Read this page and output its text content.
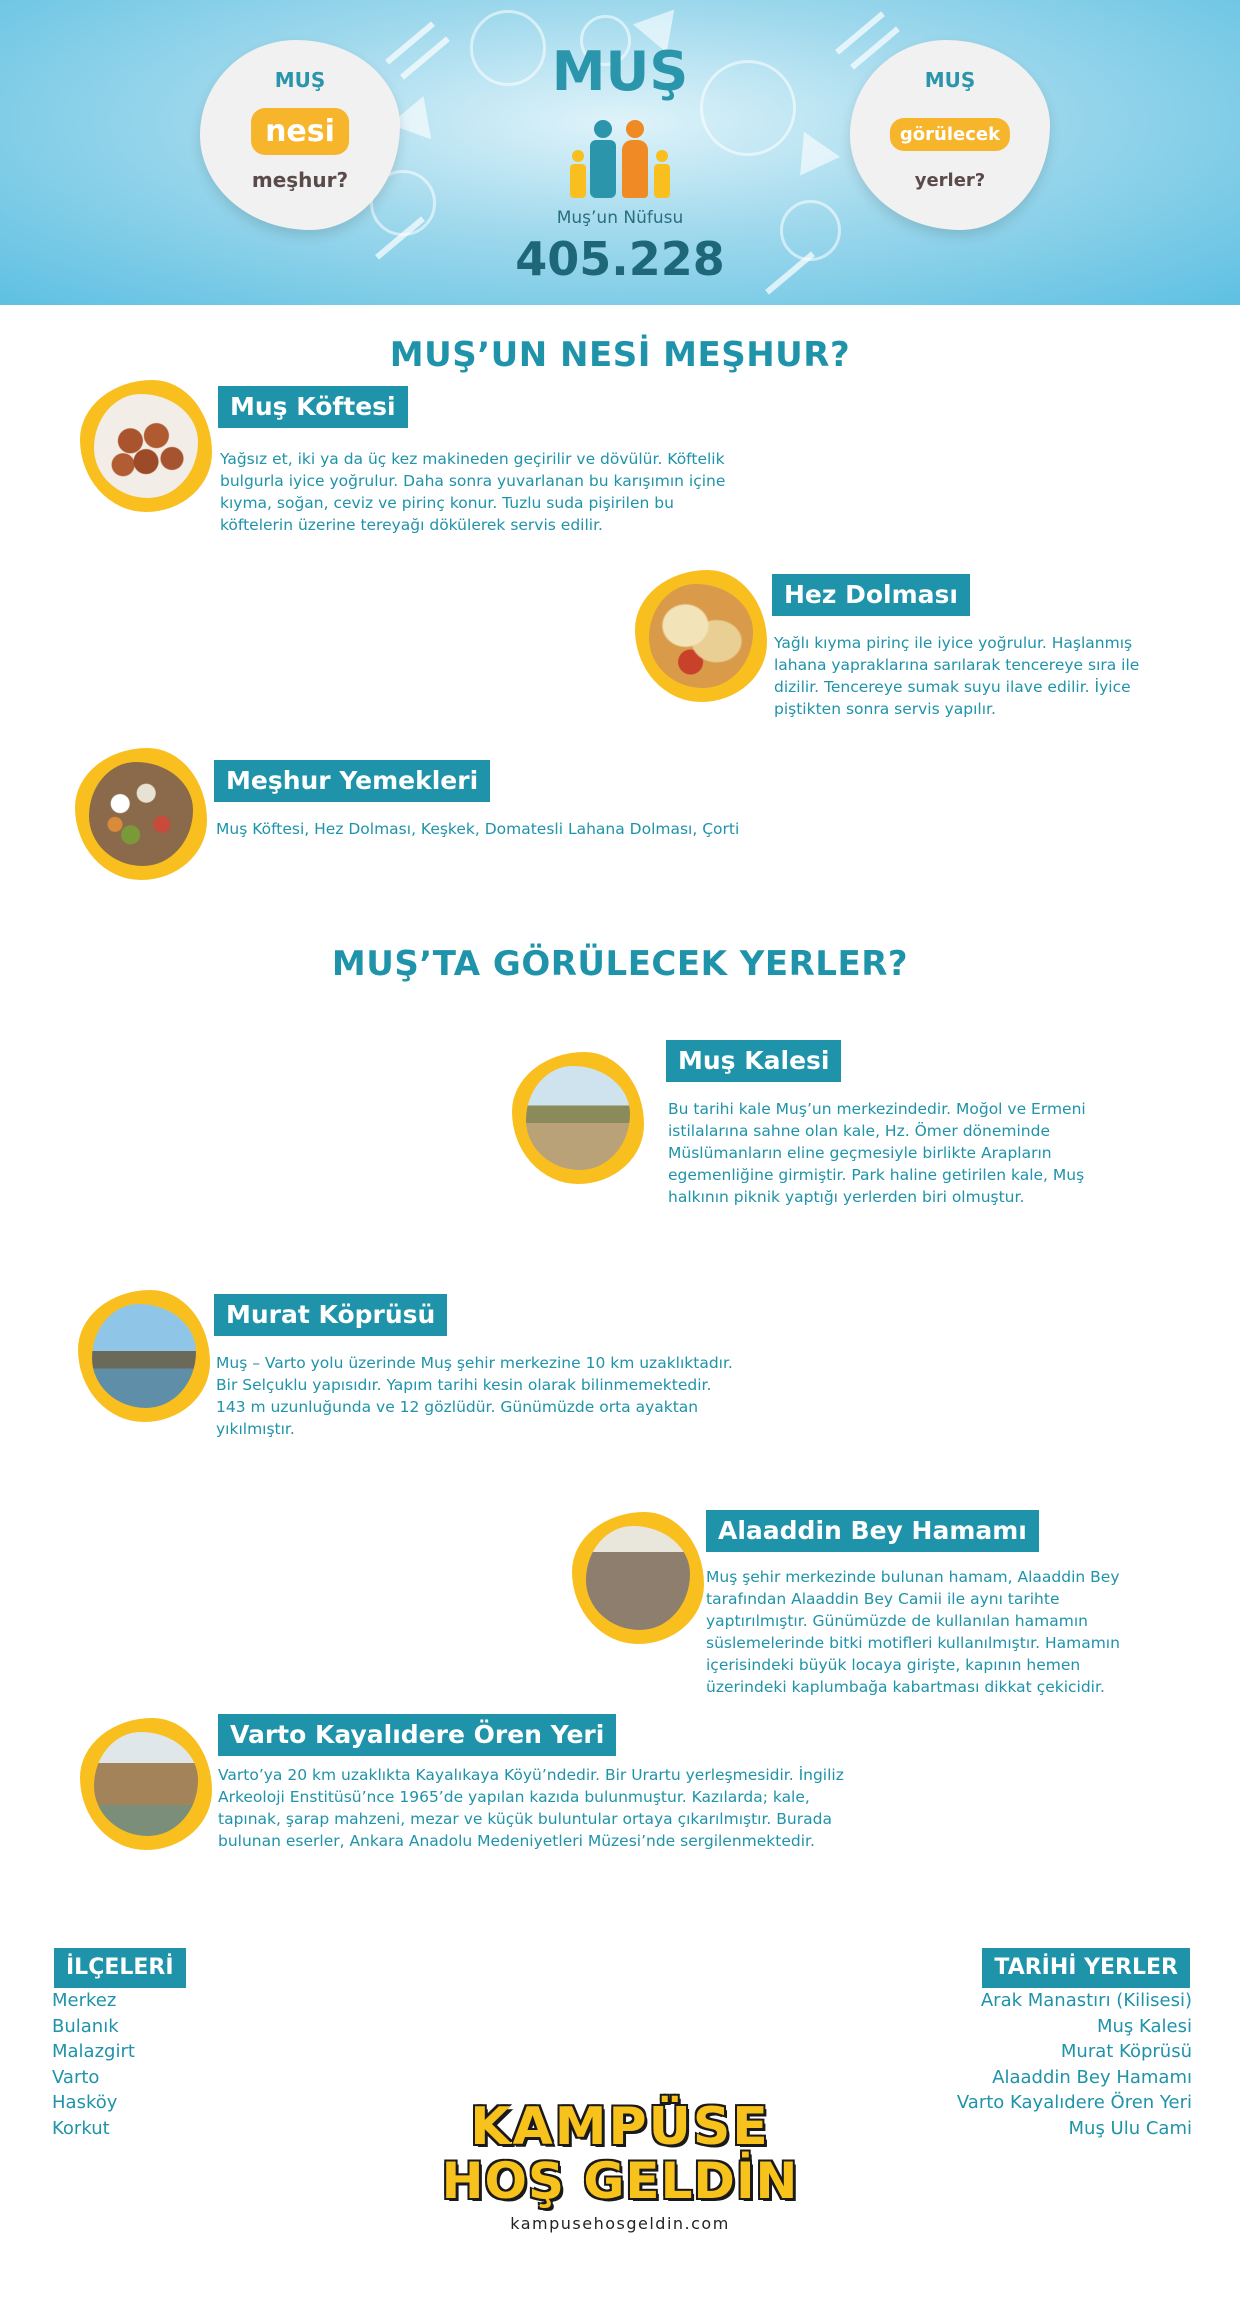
MUŞ
nesi
meşhur?
MUŞ
Muş’un Nüfusu
405.228
MUŞ
görülecek
yerler?
MUŞ’UN NESİ MEŞHUR?
Muş Köftesi
Yağsız et, iki ya da üç kez makineden geçirilir ve dövülür. Köftelik bulgurla iyice yoğrulur. Daha sonra yuvarlanan bu karışımın içine kıyma, soğan, ceviz ve pirinç konur. Tuzlu suda pişirilen bu köftelerin üzerine tereyağı dökülerek servis edilir.
Hez Dolması
Yağlı kıyma pirinç ile iyice yoğrulur. Haşlanmış lahana yapraklarına sarılarak tencereye sıra ile dizilir. Tencereye sumak suyu ilave edilir. İyice piştikten sonra servis yapılır.
Meşhur Yemekleri
Muş Köftesi, Hez Dolması, Keşkek, Domatesli Lahana Dolması, Çorti
MUŞ’TA GÖRÜLECEK YERLER?
Muş Kalesi
Bu tarihi kale Muş’un merkezindedir. Moğol ve Ermeni istilalarına sahne olan kale, Hz. Ömer döneminde Müslümanların eline geçmesiyle birlikte Arapların egemenliğine girmiştir. Park haline getirilen kale, Muş halkının piknik yaptığı yerlerden biri olmuştur.
Murat Köprüsü
Muş – Varto yolu üzerinde Muş şehir merkezine 10 km uzaklıktadır. Bir Selçuklu yapısıdır. Yapım tarihi kesin olarak bilinmemektedir. 143 m uzunluğunda ve 12 gözlüdür. Günümüzde orta ayaktan yıkılmıştır.
Alaaddin Bey Hamamı
Muş şehir merkezinde bulunan hamam, Alaaddin Bey tarafından Alaaddin Bey Camii ile aynı tarihte yaptırılmıştır. Günümüzde de kullanılan hamamın süslemelerinde bitki motifleri kullanılmıştır. Hamamın içerisindeki büyük locaya girişte, kapının hemen üzerindeki kaplumbağa kabartması dikkat çekicidir.
Varto Kayalıdere Ören Yeri
Varto’ya 20 km uzaklıkta Kayalıkaya Köyü’ndedir. Bir Urartu yerleşmesidir. İngiliz Arkeoloji Enstitüsü’nce 1965’de yapılan kazıda bulunmuştur. Kazılarda; kale, tapınak, şarap mahzeni, mezar ve küçük buluntular ortaya çıkarılmıştır. Burada bulunan eserler, Ankara Anadolu Medeniyetleri Müzesi’nde sergilenmektedir.
İLÇELERİ
Merkez
Bulanık
Malazgirt
Varto
Hasköy
Korkut
TARİHİ YERLER
Arak Manastırı (Kilisesi)
Muş Kalesi
Murat Köprüsü
Alaaddin Bey Hamamı
Varto Kayalıdere Ören Yeri
Muş Ulu Cami
KAMPÜSE
HOŞ GELDİN
kampusehosgeldin.com
